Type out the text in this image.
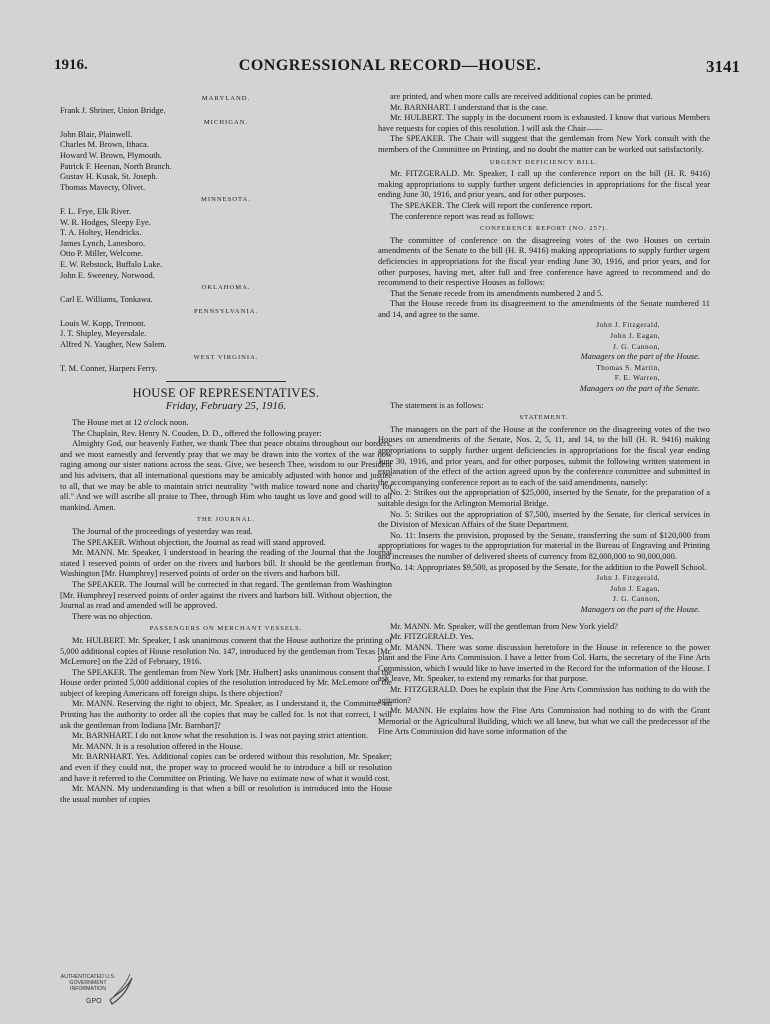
1916.	CONGRESSIONAL RECORD—HOUSE.	3141
MARYLAND.

Frank J. Shriner, Union Bridge.

MICHIGAN.

John Blair, Plainwell.

Charles M. Brown, Ithaca.

Howard W. Brown, Plymouth.

Patrick F. Heenan, North Branch.

Gustav H. Kusak, St. Joseph.

Thomas Mavecty, Olivet.

MINNESOTA.

F. L. Frye, Elk River.

W. R. Hodges, Sleepy Eye.

T. A. Holtey, Hendricks.

James Lynch, Lanesboro.

Otto P. Miller, Welcome.

E. W. Rebstock, Buffalo Lake.

John E. Sweeney, Norwood.

OKLAHOMA.

Carl E. Williams, Tonkawa.

PENNSYLVANIA.

Louis W. Kopp, Tremont.

J. T. Shipley, Meyersdale.

Alfred N. Yaugher, New Salem.

WEST VIRGINIA.

T. M. Conner, Harpers Ferry.

HOUSE OF REPRESENTATIVES.
Friday, February 25, 1916.

The House met at 12 o'clock noon.

The Chaplain, Rev. Henry N. Couden, D. D., offered the following prayer:

Almighty God, our heavenly Father, we thank Thee that peace obtains throughout our borders, and we most earnestly and fervently pray that we may be drawn into the vortex of the war now raging among our sister nations across the seas. Give, we beseech Thee, wisdom to our President and his advisers, that all international questions may be amicably adjusted with honor and justice to all, that we may be able to maintain strict neutrality "with malice toward none and charity for all." And we will ascribe all praise to Thee, through Him who taught us love and good will to all mankind. Amen.

THE JOURNAL.

The Journal of the proceedings of yesterday was read.

The SPEAKER. Without objection, the Journal as read will stand approved.

Mr. MANN. Mr. Speaker, I understood in hearing the reading of the Journal that the Journal stated I reserved points of order on the rivers and harbors bill. It should be the gentleman from Washington [Mr. Humphrey] reserved points of order on the rivers and harbors bill.

The SPEAKER. The Journal will be corrected in that regard. The gentleman from Washington [Mr. Humphrey] reserved points of order against the rivers and harbors bill. Without objection, the Journal as read and amended will be approved.

There was no objection.

PASSENGERS ON MERCHANT VESSELS.

Mr. HULBERT. Mr. Speaker, I ask unanimous consent that the House authorize the printing of 5,000 additional copies of House resolution No. 147, introduced by the gentleman from Texas [Mr. McLemore] on the 22d of February, 1916.

The SPEAKER. The gentleman from New York [Mr. Hulbert] asks unanimous consent that the House order printed 5,000 additional copies of the resolution introduced by Mr. McLemore on the subject of keeping Americans off foreign ships. Is there objection?

Mr. MANN. Reserving the right to object, Mr. Speaker, as I understand it, the Committee on Printing has the authority to order all the copies that may be called for. Is not that correct, I will ask the gentleman from Indiana [Mr. Barnhart]?

Mr. BARNHART. I do not know what the resolution is. I was not paying strict attention.

Mr. MANN. It is a resolution offered in the House.

Mr. BARNHART. Yes. Additional copies can be ordered without this resolution, Mr. Speaker; and even if they could not, the proper way to proceed would be to introduce a bill or resolution and have it referred to the Committee on Printing. We have no estimate now of what it would cost.

Mr. MANN. My understanding is that when a bill or resolution is introduced into the House the usual number of copies

are printed, and when more calls are received additional copies can be printed.

Mr. BARNHART. I understand that is the case.

Mr. HULBERT. The supply in the document room is exhausted. I know that various Members have requests for copies of this resolution. I will ask the Chair——

The SPEAKER. The Chair will suggest that the gentleman from New York consult with the members of the Committee on Printing, and no doubt the matter can be worked out satisfactorily.

URGENT DEFICIENCY BILL.

Mr. FITZGERALD. Mr. Speaker, I call up the conference report on the bill (H. R. 9416) making appropriations to supply further urgent deficiencies in appropriations for the fiscal year ending June 30, 1916, and prior years, and for other purposes.

The SPEAKER. The Clerk will report the conference report.

The conference report was read as follows:

CONFERENCE REPORT (NO. 257).

The committee of conference on the disagreeing votes of the two Houses on certain amendments of the Senate to the bill (H. R. 9416) making appropriations to supply further urgent deficiencies in appropriations for the fiscal year ending June 30, 1916, and prior years, and for other purposes, having met, after full and free conference have agreed to recommend and do recommend to their respective Houses as follows:

That the Senate recede from its amendments numbered 2 and 5.

That the House recede from its disagreement to the amendments of the Senate numbered 11 and 14, and agree to the same.

John J. Fitzgerald,

John J. Eagan,

J. G. Cannon,

Managers on the part of the House.

Thomas S. Martin,

F. E. Warren,

Managers on the part of the Senate.

The statement is as follows:

STATEMENT.

The managers on the part of the House at the conference on the disagreeing votes of the two Houses on amendments of the Senate, Nos. 2, 5, 11, and 14, to the bill (H. R. 9416) making appropriations to supply further urgent deficiencies in appropriations for the fiscal year ending June 30, 1916, and prior years, and for other purposes, submit the following written statement in explanation of the effect of the action agreed upon by the conference committee and submitted in the accompanying conference report as to each of the said amendments, namely:

No. 2: Strikes out the appropriation of $25,000, inserted by the Senate, for the preparation of a suitable design for the Arlington Memorial Bridge.

No. 5: Strikes out the appropriation of $7,500, inserted by the Senate, for clerical services in the Division of Mexican Affairs of the State Department.

No. 11: Inserts the provision, proposed by the Senate, transferring the sum of $120,000 from appropriations for wages to the appropriation for material in the Bureau of Engraving and Printing and increases the number of delivered sheets of currency from 82,000,000 to 90,000,000.

No. 14: Appropriates $9,500, as proposed by the Senate, for the addition to the Powell School.

John J. Fitzgerald,

John J. Eagan,

J. G. Cannon,

Managers on the part of the House.

Mr. MANN. Mr. Speaker, will the gentleman from New York yield?

Mr. FITZGERALD. Yes.

Mr. MANN. There was some discussion heretofore in the House in reference to the power plant and the Fine Arts Commission. I have a letter from Col. Harts, the secretary of the Fine Arts Commission, which I would like to have inserted in the Record for the information of the House. I ask leave, Mr. Speaker, to extend my remarks for that purpose.

Mr. FITZGERALD. Does he explain that the Fine Arts Commission has nothing to do with the agitation?

Mr. MANN. He explains how the Fine Arts Commission had nothing to do with the Grant Memorial or the Agricultural Building, which we all knew, but what we call the predecessor of the Fine Arts Commission did have some information of the

AUTHENTICATED U.S. GOVERNMENT INFORMATION
GPO
